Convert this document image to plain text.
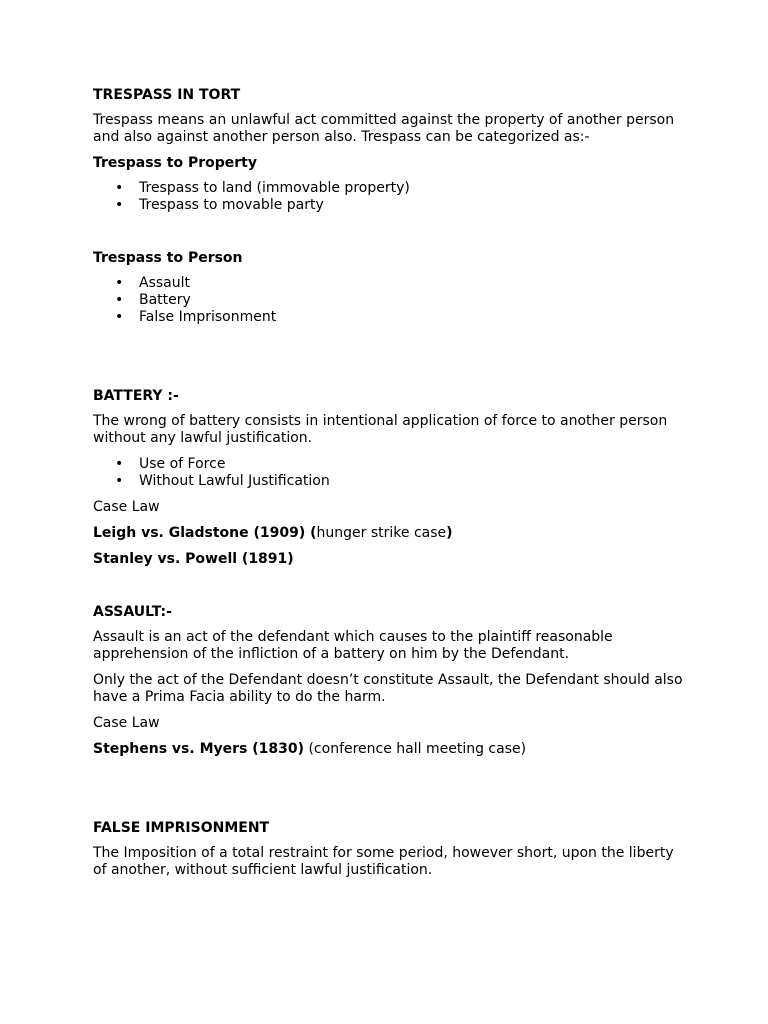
TRESPASS IN TORT

Trespass means an unlawful act committed against the property of another person and also against another person also. Trespass can be categorized as:-

Trespass to Property
• Trespass to land (immovable property)
• Trespass to movable party
Trespass to Person
• Assault
• Battery
• False Imprisonment
BATTERY :-

The wrong of battery consists in intentional application of force to another person without any lawful justification.

• Use of Force
• Without Lawful Justification

Case Law

Leigh vs. Gladstone (1909) (hunger strike case)

Stanley vs. Powell (1891)

ASSAULT:-

Assault is an act of the defendant which causes to the plaintiff reasonable apprehension of the infliction of a battery on him by the Defendant.

Only the act of the Defendant doesn’t constitute Assault, the Defendant should also have a Prima Facia ability to do the harm.

Case Law

Stephens vs. Myers (1830) (conference hall meeting case)

FALSE IMPRISONMENT

The Imposition of a total restraint for some period, however short, upon the liberty of another, without sufficient lawful justification.
